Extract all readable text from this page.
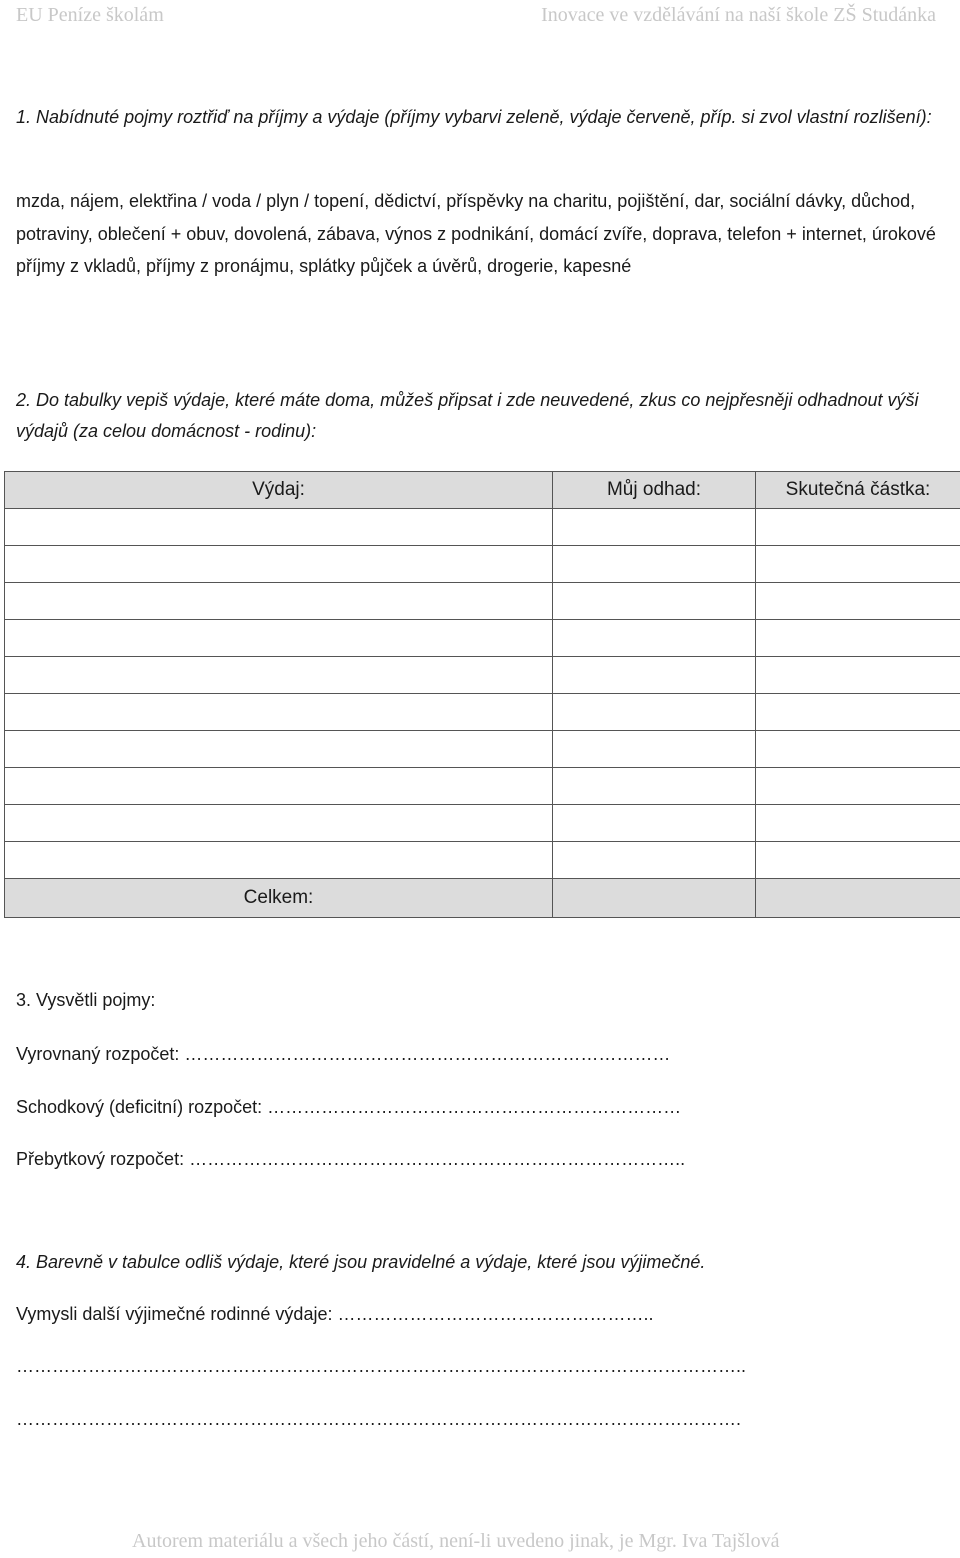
EU Peníze školám	Inovace ve vzdělávání na naší škole ZŠ Studánka

1. Nabídnuté pojmy roztřiď na příjmy a výdaje (příjmy vybarvi zeleně, výdaje červeně, příp. si zvol vlastní rozlišení):

mzda, nájem, elektřina / voda / plyn / topení, dědictví, příspěvky na charitu, pojištění, dar, sociální dávky, důchod, potraviny, oblečení + obuv, dovolená, zábava, výnos z podnikání, domácí zvíře, doprava, telefon + internet, úrokové příjmy z vkladů, příjmy z pronájmu, splátky půjček a úvěrů, drogerie, kapesné

2. Do tabulky vepiš výdaje, které máte doma, můžeš připsat i zde neuvedené, zkus co nejpřesněji odhadnout výši výdajů (za celou domácnost - rodinu):

Výdaj:	Můj odhad:	Skutečná částka:

Celkem:		
3. Vysvětli pojmy:
Vyrovnaný rozpočet: ………………………………………………………………………
Schodkový (deficitní) rozpočet: ……………………………………………………………
Přebytkový rozpočet: ………………………………………………………………………..
4. Barevně v tabulce odliš výdaje, které jsou pravidelné a výdaje, které jsou výjimečné.
Vymysli další výjimečné rodinné výdaje: ……………………………………………..
…………………………………………………………………………………………………………..
………………………………………………………………………………………………………….
Autorem materiálu a všech jeho částí, není-li uvedeno jinak, je Mgr. Iva Tajšlová
